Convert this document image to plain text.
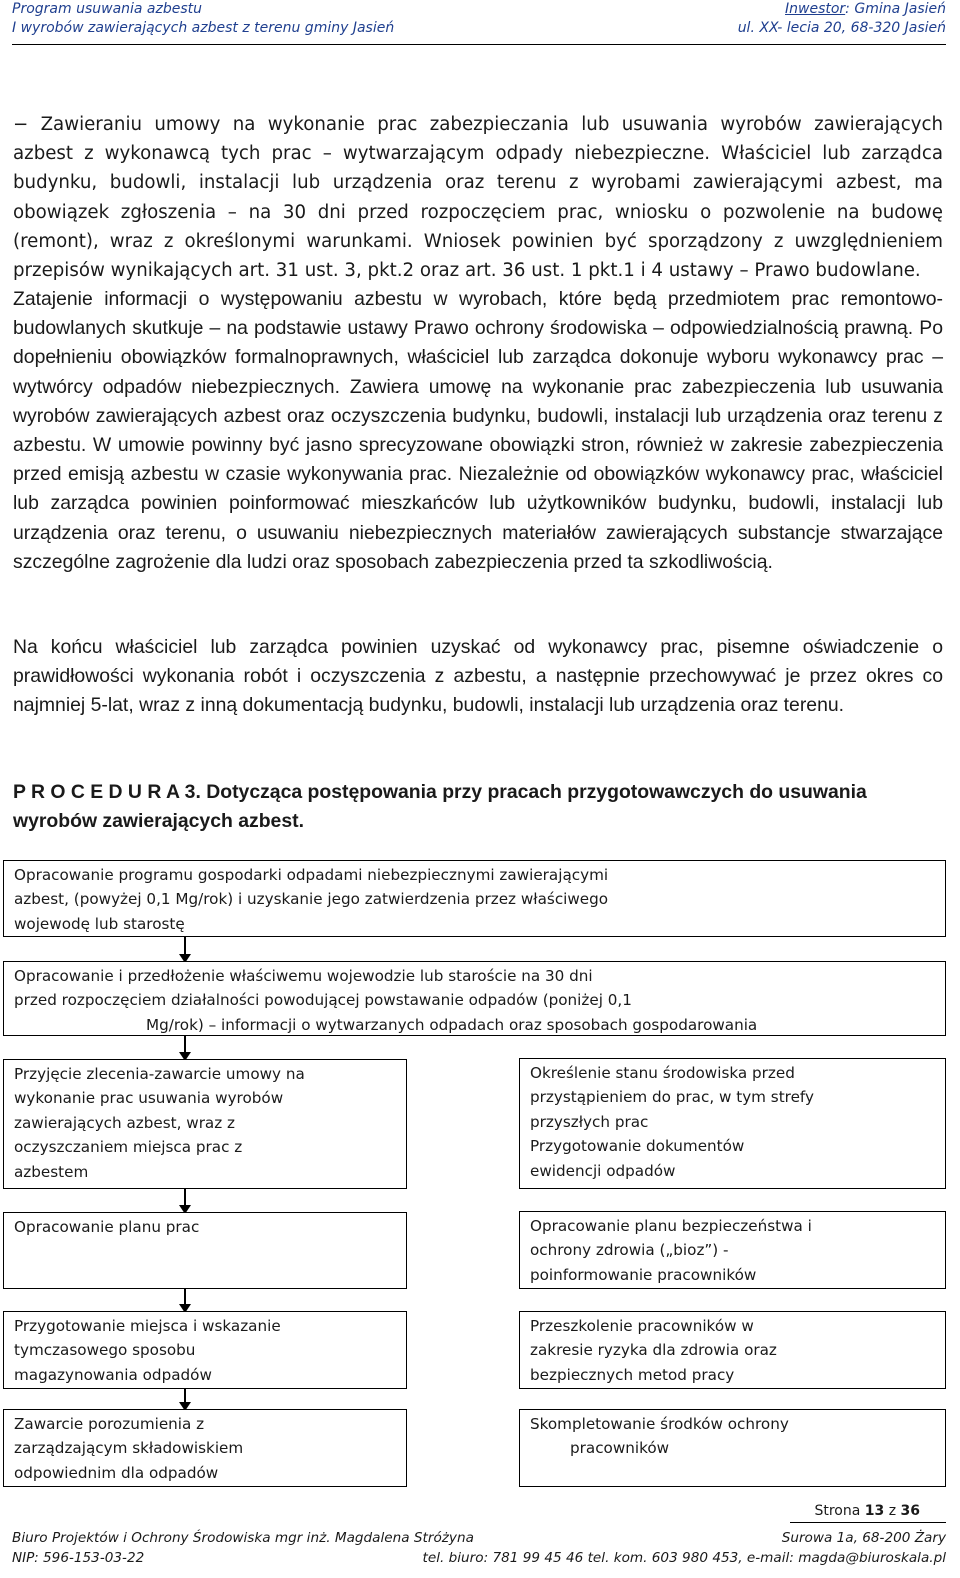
Program usuwania azbestu
I wyrobów zawierających azbest z terenu gminy Jasień
Inwestor: Gmina Jasień
ul. XX- lecia 20, 68-320 Jasień
− Zawieraniu umowy na wykonanie prac zabezpieczania lub usuwania wyrobów zawierających azbest z wykonawcą tych prac – wytwarzającym odpady niebezpieczne. Właściciel lub zarządca budynku, budowli, instalacji lub urządzenia oraz terenu z wyrobami zawierającymi azbest, ma obowiązek zgłoszenia – na 30 dni przed rozpoczęciem prac, wniosku o pozwolenie na budowę (remont), wraz z określonymi warunkami. Wniosek powinien być sporządzony z uwzględnieniem przepisów wynikających art. 31 ust. 3, pkt.2 oraz art. 36 ust. 1 pkt.1 i 4 ustawy – Prawo budowlane.
Zatajenie informacji o występowaniu azbestu w wyrobach, które będą przedmiotem prac remontowo- budowlanych skutkuje – na podstawie ustawy Prawo ochrony środowiska – odpowiedzialnością prawną. Po dopełnieniu obowiązków formalnoprawnych, właściciel lub zarządca dokonuje wyboru wykonawcy prac – wytwórcy odpadów niebezpiecznych. Zawiera umowę na wykonanie prac zabezpieczenia lub usuwania wyrobów zawierających azbest oraz oczyszczenia budynku, budowli, instalacji lub urządzenia oraz terenu z azbestu. W umowie powinny być jasno sprecyzowane obowiązki stron, również w zakresie zabezpieczenia przed emisją azbestu w czasie wykonywania prac. Niezależnie od obowiązków wykonawcy prac, właściciel lub zarządca powinien poinformować mieszkańców lub użytkowników budynku, budowli, instalacji lub urządzenia oraz terenu, o usuwaniu niebezpiecznych materiałów zawierających substancje stwarzające szczególne zagrożenie dla ludzi oraz sposobach zabezpieczenia przed ta szkodliwością.
Na końcu właściciel lub zarządca powinien uzyskać od wykonawcy prac, pisemne oświadczenie o prawidłowości wykonania robót i oczyszczenia z azbestu, a następnie przechowywać je przez okres co najmniej 5-lat, wraz z inną dokumentacją budynku, budowli, instalacji lub urządzenia oraz terenu.
P R O C E D U R A 3. Dotycząca postępowania przy pracach przygotowawczych do usuwania wyrobów zawierających azbest.
Opracowanie programu gospodarki odpadami niebezpiecznymi zawierającymi azbest, (powyżej 0,1 Mg/rok) i uzyskanie jego zatwierdzenia przez właściwego wojewodę lub starostę
Opracowanie i przedłożenie właściwemu wojewodzie lub staroście na 30 dni
przed rozpoczęciem działalności powodującej powstawanie odpadów (poniżej 0,1
Mg/rok) – informacji o wytwarzanych odpadach oraz sposobach gospodarowania
Przyjęcie zlecenia-zawarcie umowy na wykonanie prac usuwania wyrobów zawierających azbest, wraz z oczyszczaniem miejsca prac z azbestem
Opracowanie planu prac
Przygotowanie miejsca i wskazanie tymczasowego sposobu magazynowania odpadów
Zawarcie porozumienia z zarządzającym składowiskiem odpowiednim dla odpadów
Określenie stanu środowiska przed przystąpieniem do prac, w tym strefy przyszłych prac
Przygotowanie dokumentów ewidencji odpadów
Opracowanie planu bezpieczeństwa i ochrony zdrowia („bioz”) - poinformowanie pracowników
Przeszkolenie pracowników w zakresie ryzyka dla zdrowia oraz bezpiecznych metod pracy
Skompletowanie środków ochrony
pracowników
Strona 13 z 36
Biuro Projektów i Ochrony Środowiska mgr inż. Magdalena Stróżyna	Surowa 1a, 68-200 Żary
NIP: 596-153-03-22	tel. biuro: 781 99 45 46 tel. kom. 603 980 453, e-mail: magda@biuroskala.pl
